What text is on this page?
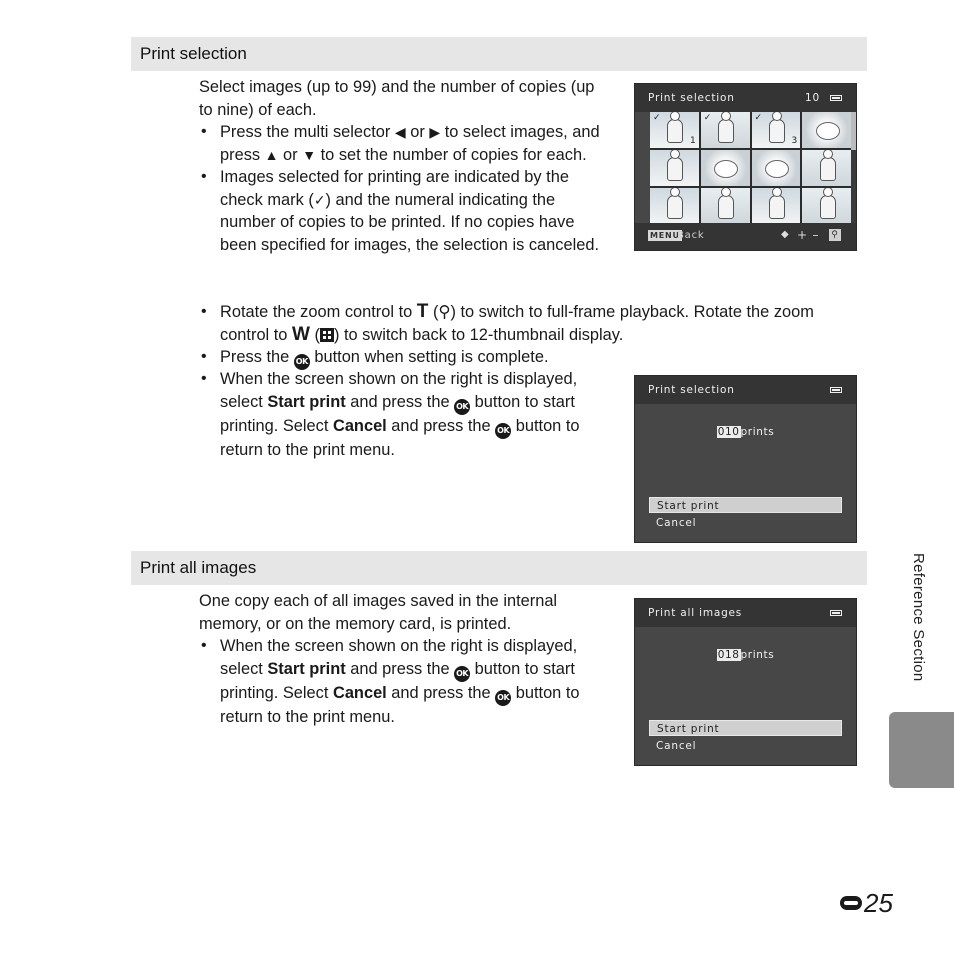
Print selection

Select images (up to 99) and the number of copies (up to nine) of each.

• Press the multi selector ◀ or ▶ to select images, and press ▲ or ▼ to set the number of copies for each.
• Images selected for printing are indicated by the check mark (✓) and the numeral indicating the number of copies to be printed. If no copies have been specified for images, the selection is canceled.
• Rotate the zoom control to T (⚲) to switch to full-frame playback. Rotate the zoom control to W ( ) to switch back to 12-thumbnail display.
• Press the OK button when setting is complete.
• When the screen shown on the right is displayed, select Start print and press the OK button to start printing. Select Cancel and press the OK button to return to the print menu.
Print selection	10
✓
1
✓	✓
3
MENU
Back	◆ + – ⚲
Print selection
010prints
Start print
Cancel
Print all images

One copy each of all images saved in the internal memory, or on the memory card, is printed.

• When the screen shown on the right is displayed, select Start print and press the OK button to start printing. Select Cancel and press the OK button to return to the print menu.
Print all images
018prints
Start print
Cancel
Reference Section
25
